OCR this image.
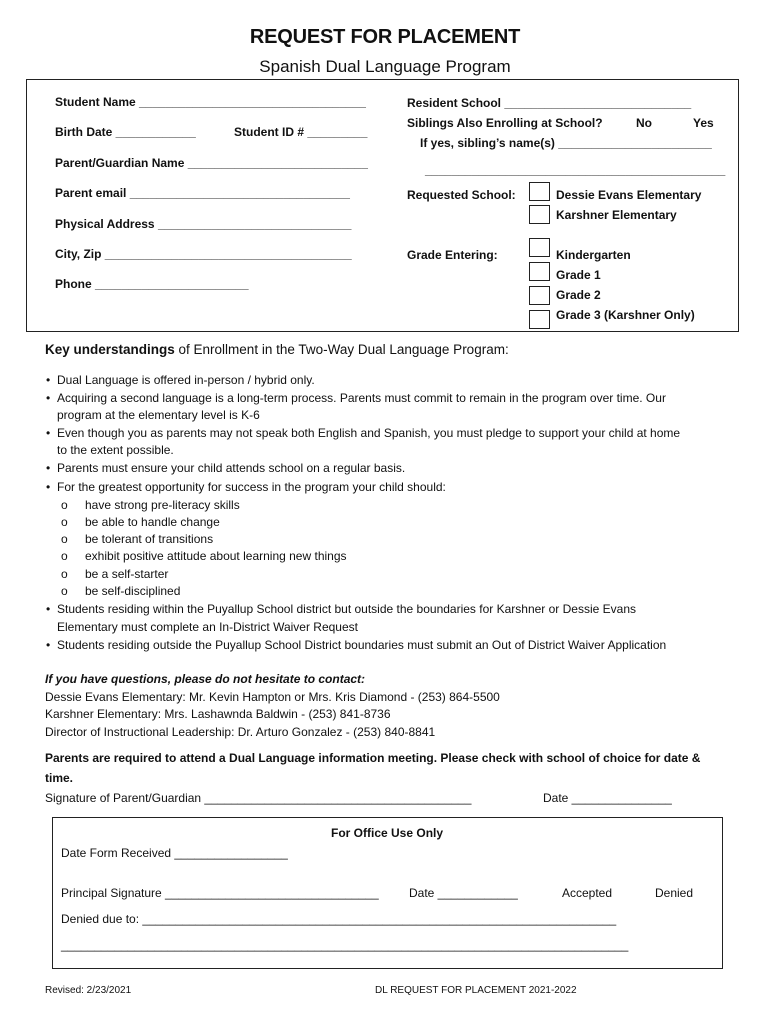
REQUEST FOR PLACEMENT
Spanish Dual Language Program
Student Name __________________________________
Birth Date ____________	Student ID # _________
Parent/Guardian Name ___________________________
Parent email _________________________________
Physical Address _____________________________
City, Zip _____________________________________
Phone _______________________
Resident School ____________________________
Siblings Also Enrolling at School?	No	Yes
If yes, sibling’s name(s) _______________________
_____________________________________________
Requested School:	Dessie Evans Elementary
Karshner Elementary
Grade Entering:	Kindergarten
Grade 1
Grade 2
Grade 3 (Karshner Only)
Key understandings of Enrollment in the Two-Way Dual Language Program:
• Dual Language is offered in-person / hybrid only.
• Acquiring a second language is a long-term process. Parents must commit to remain in the program over time. Our
program at the elementary level is K-6
• Even though you as parents may not speak both English and Spanish, you must pledge to support your child at home
to the extent possible.
• Parents must ensure your child attends school on a regular basis.
• For the greatest opportunity for success in the program your child should:
o have strong pre-literacy skills
o be able to handle change
o be tolerant of transitions
o exhibit positive attitude about learning new things
o be a self-starter
o be self-disciplined
• Students residing within the Puyallup School district but outside the boundaries for Karshner or Dessie Evans
Elementary must complete an In-District Waiver Request
• Students residing outside the Puyallup School District boundaries must submit an Out of District Waiver Application
If you have questions, please do not hesitate to contact:
Dessie Evans Elementary: Mr. Kevin Hampton or Mrs. Kris Diamond - (253) 864-5500
Karshner Elementary: Mrs. Lashawnda Baldwin - (253) 841-8736
Director of Instructional Leadership: Dr. Arturo Gonzalez - (253) 840-8841
Parents are required to attend a Dual Language information meeting. Please check with school of choice for date &
time.
Signature of Parent/Guardian ________________________________________	Date _______________
For Office Use Only
Date Form Received _________________
Principal Signature ________________________________	Date ____________	Accepted	Denied
Denied due to: _______________________________________________________________________
_____________________________________________________________________________________
Revised: 2/23/2021	DL REQUEST FOR PLACEMENT 2021-2022
